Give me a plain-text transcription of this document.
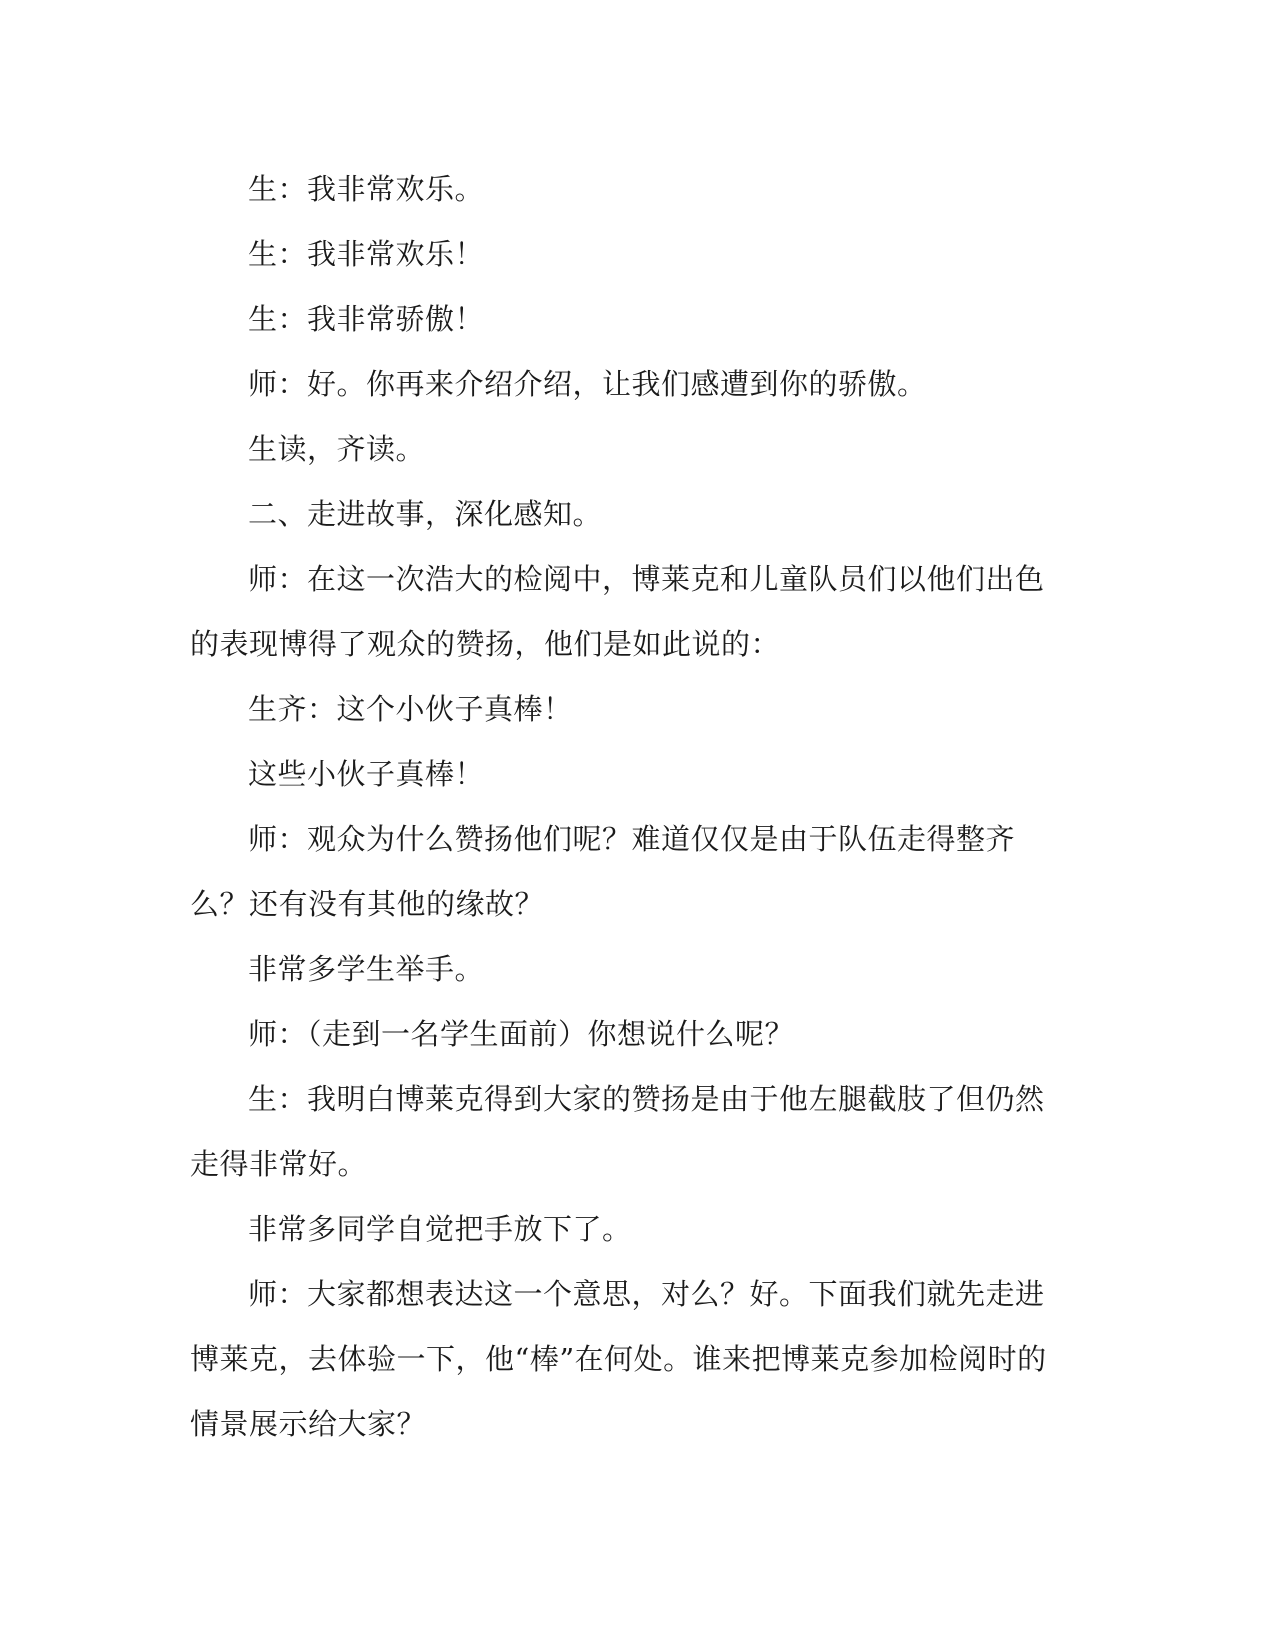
生：我非常欢乐。

生：我非常欢乐！

生：我非常骄傲！

师：好。你再来介绍介绍，让我们感遭到你的骄傲。

生读，齐读。

二、走进故事，深化感知。

师：在这一次浩大的检阅中，博莱克和儿童队员们以他们出色的表现博得了观众的赞扬，他们是如此说的：

生齐：这个小伙子真棒！

这些小伙子真棒！

师：观众为什么赞扬他们呢？难道仅仅是由于队伍走得整齐么？还有没有其他的缘故？

非常多学生举手。

师：（走到一名学生面前）你想说什么呢？

生：我明白博莱克得到大家的赞扬是由于他左腿截肢了但仍然走得非常好。

非常多同学自觉把手放下了。

师：大家都想表达这一个意思，对么？好。下面我们就先走进博莱克，去体验一下，他“棒”在何处。谁来把博莱克参加检阅时的情景展示给大家？
